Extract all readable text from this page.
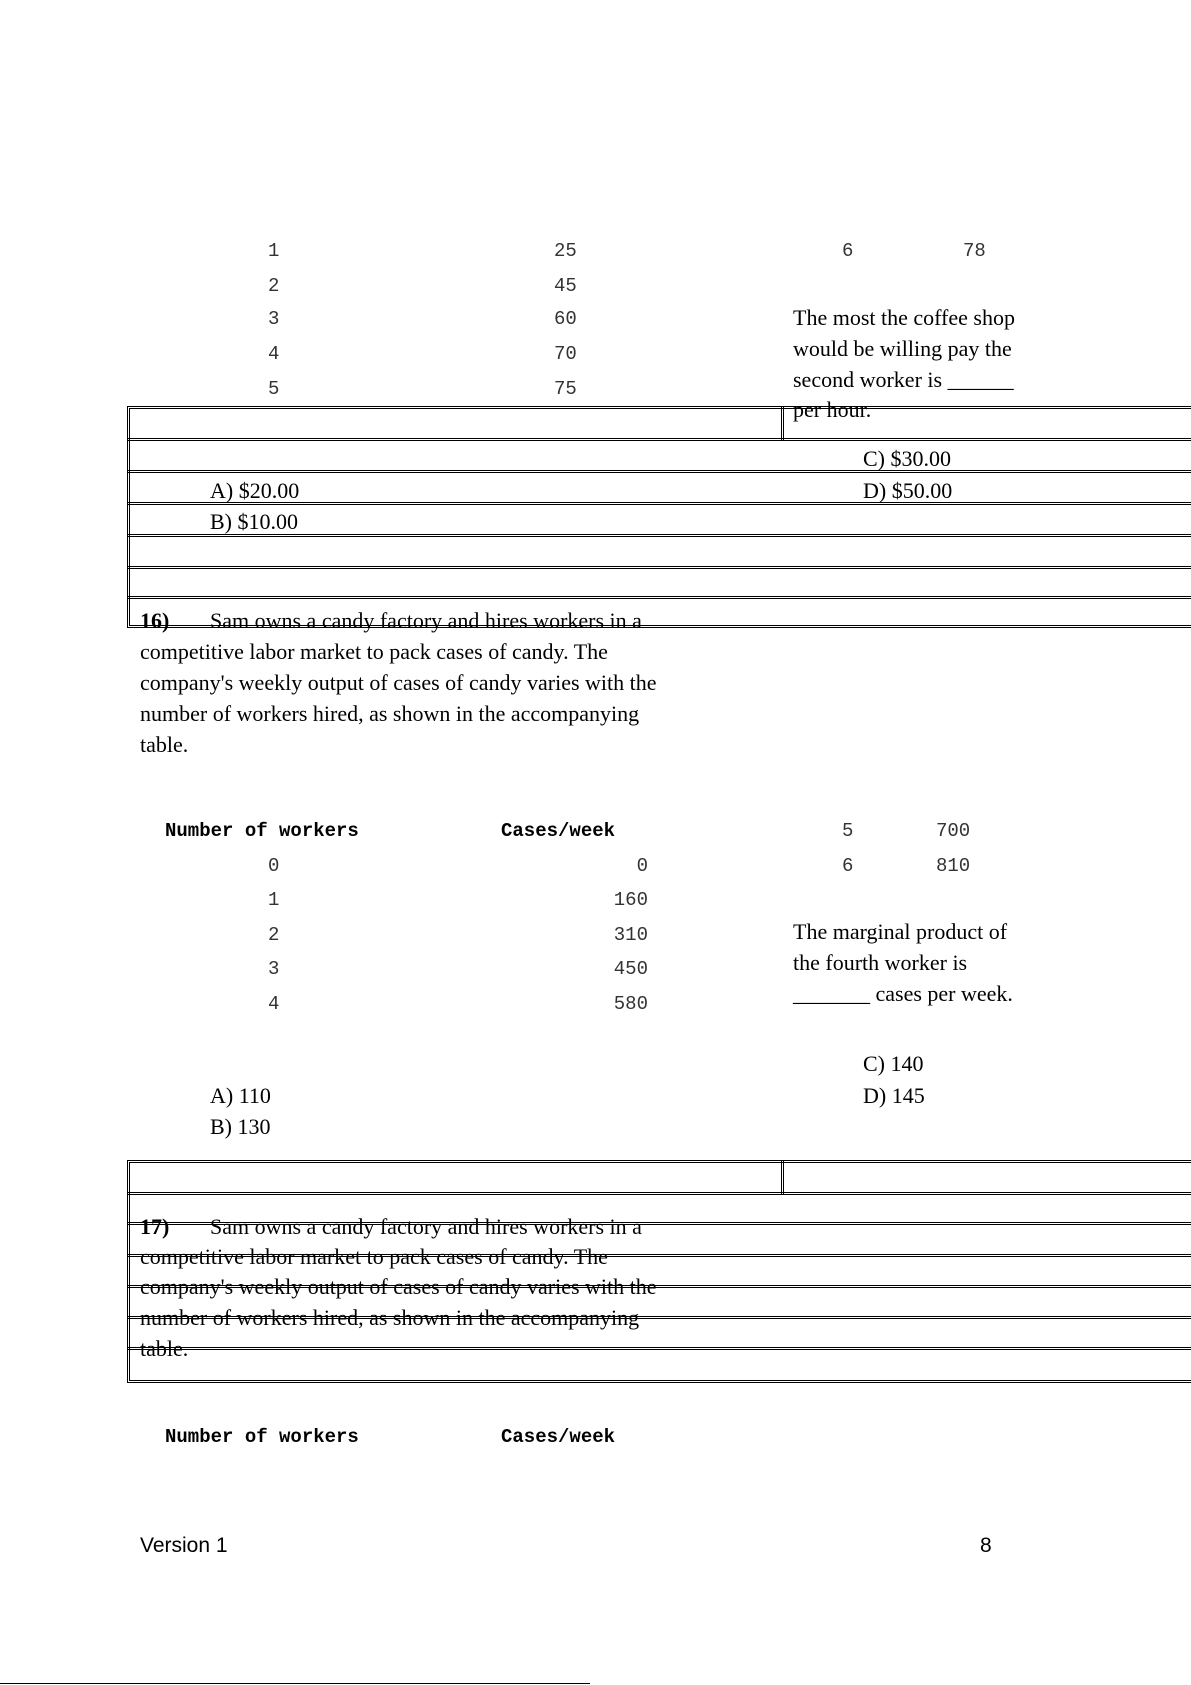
1	25
2	45
3	60
4	70
5	75
6	78
The most the coffee shop
would be willing pay the
second worker is ______
per hour.
C) $30.00
A) $20.00	D) $50.00
B) $10.00
16) Sam owns a candy factory and hires workers in a
competitive labor market to pack cases of candy. The
company's weekly output of cases of candy varies with the
number of workers hired, as shown in the accompanying
table.
Number of workers	Cases/week
0	0
1	160
2	310
3	450
4	580
5	700
6	810
The marginal product of
the fourth worker is
_______ cases per week.
C) 140
A) 110	D) 145
B) 130
17) Sam owns a candy factory and hires workers in a
competitive labor market to pack cases of candy. The
company's weekly output of cases of candy varies with the
number of workers hired, as shown in the accompanying
table.
Number of workers	Cases/week
Version 1	8
